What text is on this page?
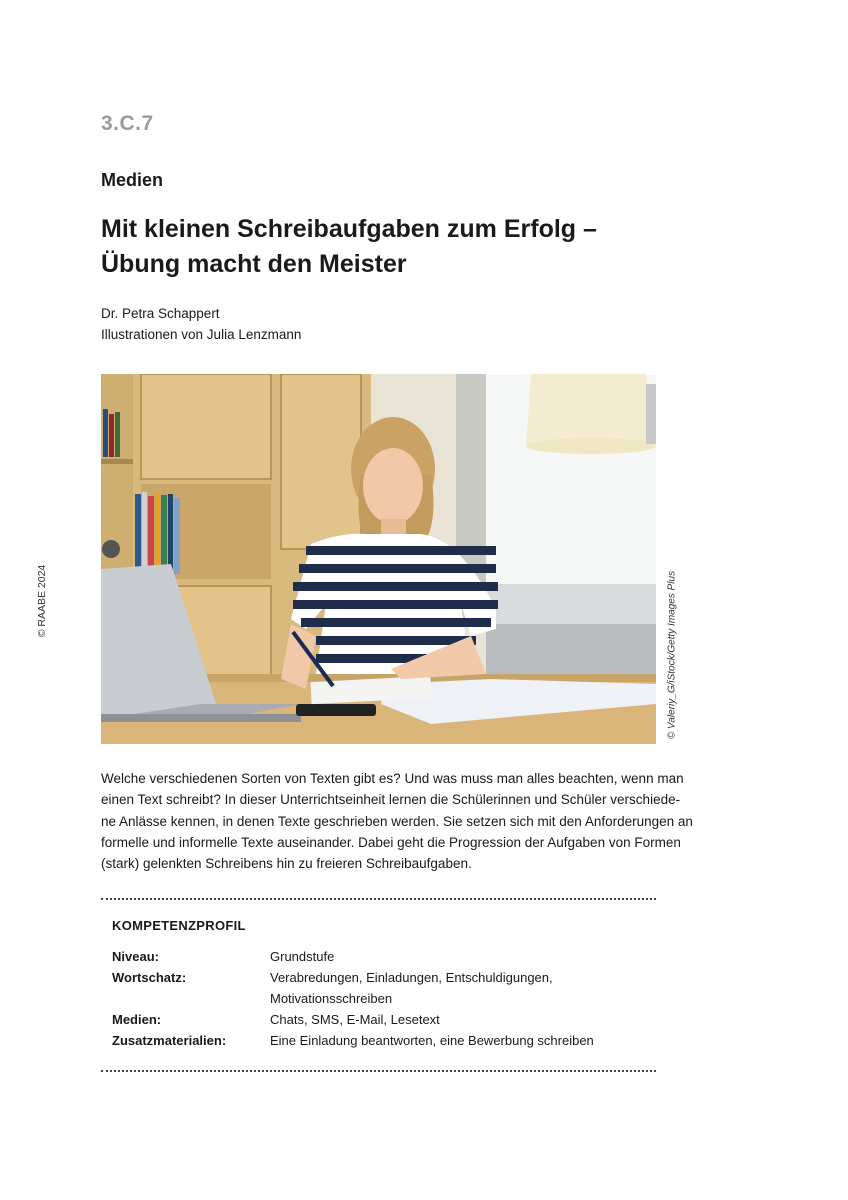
3.C.7
Medien
Mit kleinen Schreibaufgaben zum Erfolg –
Übung macht den Meister
Dr. Petra Schappert
Illustrationen von Julia Lenzmann
© RAABE 2024	© Valeriy_G/iStock/Getty Images Plus
Welche verschiedenen Sorten von Texten gibt es? Und was muss man alles beachten, wenn man
einen Text schreibt? In dieser Unterrichtseinheit lernen die Schülerinnen und Schüler verschiede-
ne Anlässe kennen, in denen Texte geschrieben werden. Sie setzen sich mit den Anforderungen an
formelle und informelle Texte auseinander. Dabei geht die Progression der Aufgaben von Formen
(stark) gelenkten Schreibens hin zu freieren Schreibaufgaben.
KOMPETENZPROFIL
Niveau:	Grundstufe
Wortschatz:	Verabredungen, Einladungen, Entschuldigungen,
Motivationsschreiben
Medien:	Chats, SMS, E-Mail, Lesetext
Zusatzmaterialien:	Eine Einladung beantworten, eine Bewerbung schreiben
